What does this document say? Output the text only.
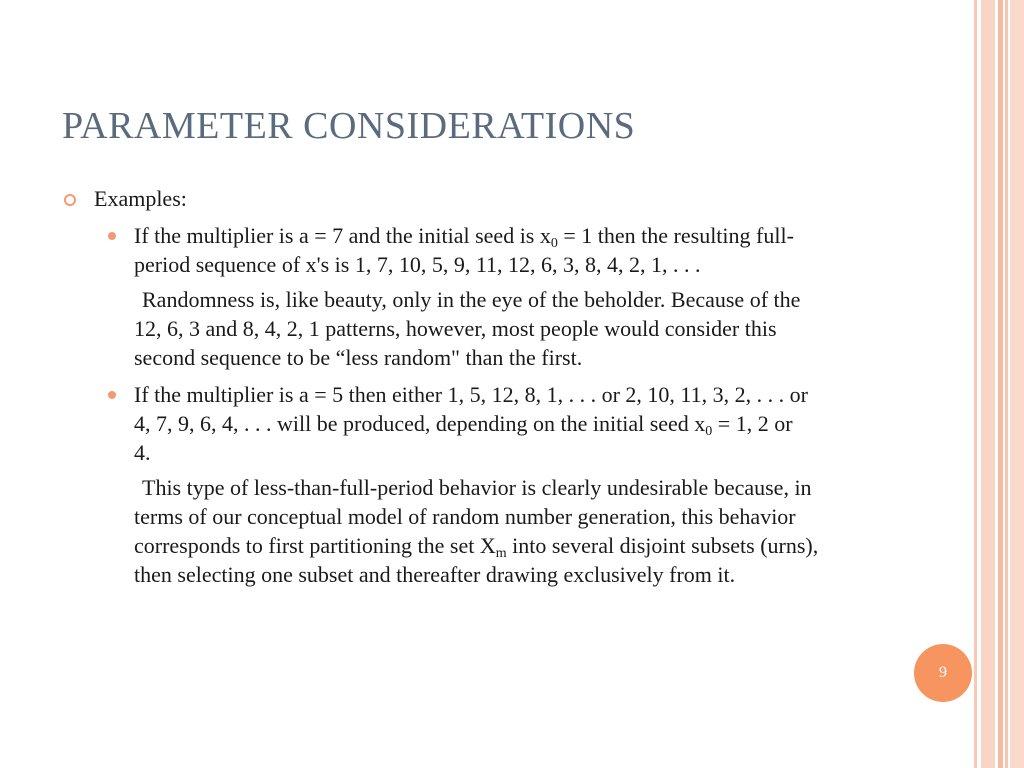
PARAMETER CONSIDERATIONS
Examples:
If the multiplier is a = 7 and the initial seed is $x_0 = 1$ then the resulting full-period sequence of x's is 1, 7, 10, 5, 9, 11, 12, 6, 3, 8, 4, 2, 1, . . .
Randomness is, like beauty, only in the eye of the beholder. Because of the 12, 6, 3 and 8, 4, 2, 1 patterns, however, most people would consider this second sequence to be “less random" than the first.
If the multiplier is a = 5 then either 1, 5, 12, 8, 1, . . . or 2, 10, 11, 3, 2, . . . or 4, 7, 9, 6, 4, . . . will be produced, depending on the initial seed $x_0 = 1$, 2 or 4.
This type of less-than-full-period behavior is clearly undesirable because, in terms of our conceptual model of random number generation, this behavior corresponds to first partitioning the set $X_m$ into several disjoint subsets (urns), then selecting one subset and thereafter drawing exclusively from it.
9
